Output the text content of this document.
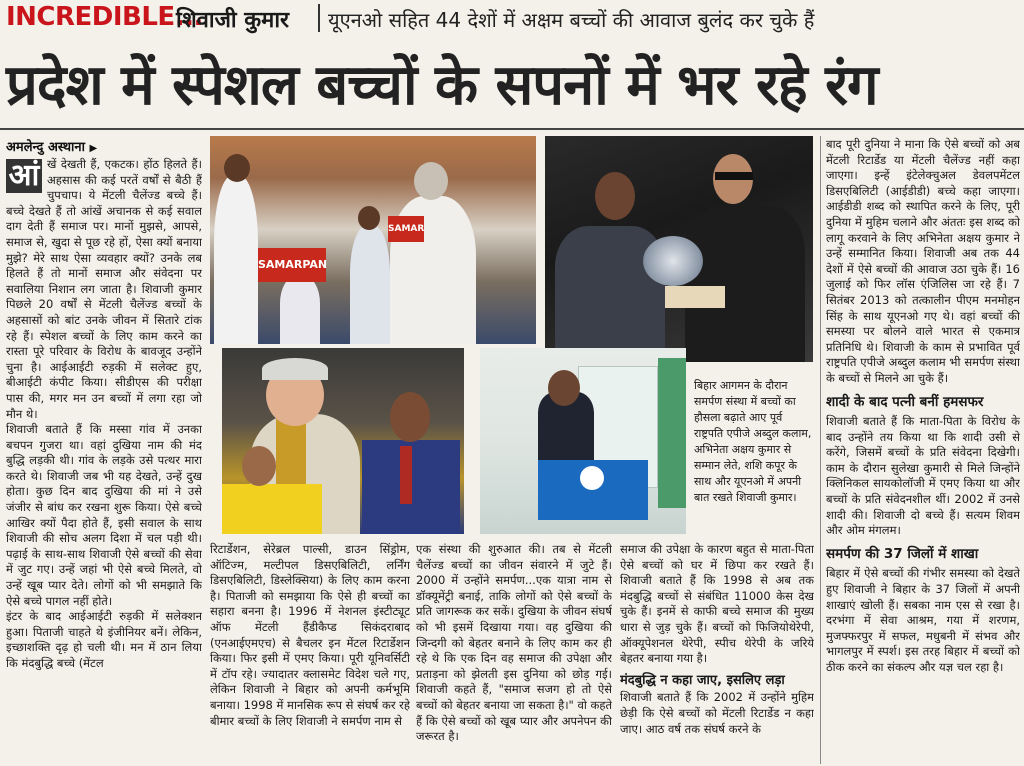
INCREDIBLE...
शिवाजी कुमार यूएनओ सहित 44 देशों में अक्षम बच्चों की आवाज बुलंद कर चुके हैं
प्रदेश में स्पेशल बच्चों के सपनों में भर रहे रंग
अमलेन्दु अस्थाना ▶

आं खें देखती हैं, एकटक। होंठ हिलते हैं। अहसास की कई परतें वर्षों से बैठी हैं चुपचाप। ये मेंटली चैलेंज्ड बच्चे हैं। बच्चे देखते हैं तो आंखें अचानक से कई सवाल दाग देती हैं समाज पर। मानों मुझसे, आपसे, समाज से, खुदा से पूछ रहे हों, ऐसा क्यों बनाया मुझे? मेरे साथ ऐसा व्यवहार क्यों? उनके लब हिलते हैं तो मानों समाज और संवेदना पर सवालिया निशान लग जाता है। शिवाजी कुमार पिछले 20 वर्षों से मेंटली चैलेंज्ड बच्चों के अहसासों को बांट उनके जीवन में सितारे टांक रहे हैं। स्पेशल बच्चों के लिए काम करने का रास्ता पूरे परिवार के विरोध के बावजूद उन्होंने चुना है। आईआईटी रुड़की में सलेक्ट हुए, बीआईटी कंपीट किया। सीडीएस की परीक्षा पास की, मगर मन उन बच्चों में लगा रहा जो मौन थे।

शिवाजी बताते हैं कि मस्सा गांव में उनका बचपन गुजरा था। वहां दुखिया नाम की मंद बुद्धि लड़की थी। गांव के लड़के उसे पत्थर मारा करते थे। शिवाजी जब भी यह देखते, उन्हें दुख होता। कुछ दिन बाद दुखिया की मां ने उसे जंजीर से बांध कर रखना शुरू किया। ऐसे बच्चे आखिर क्यों पैदा होते हैं, इसी सवाल के साथ शिवाजी की सोच अलग दिशा में चल पड़ी थी। पढ़ाई के साथ-साथ शिवाजी ऐसे बच्चों की सेवा में जुट गए। उन्हें जहां भी ऐसे बच्चे मिलते, वो उन्हें खूब प्यार देते। लोगों को भी समझाते कि ऐसे बच्चे पागल नहीं होते।

इंटर के बाद आईआईटी रुड़की में सलेक्शन हुआ। पिताजी चाहते थे इंजीनियर बनें। लेकिन, इच्छाशक्ति दृढ़ हो चली थी। मन में ठान लिया कि मंदबुद्धि बच्चे (मेंटल

SAMARPAN
SAMAR
बिहार आगमन के दौरान समर्पण संस्था में बच्चों का हौसला बढ़ाते आए पूर्व राष्ट्रपति एपीजे अब्दुल कलाम, अभिनेता अक्षय कुमार से सम्मान लेते, शशि कपूर के साथ और यूएनओ में अपनी बात रखते शिवाजी कुमार।

रिटार्डेशन, सेरेब्रल पाल्सी, डाउन सिंड्रोम, ऑटिज्म, मल्टीपल डिसएबिलिटी, लर्निंग डिसएबिलिटी, डिस्लेक्सिया) के लिए काम करना है। पिताजी को समझाया कि ऐसे ही बच्चों का सहारा बनना है। 1996 में नेशनल इंस्टीट्यूट ऑफ मेंटली हैंडीकैप्ड सिकंदराबाद (एनआईएमएच) से बैचलर इन मेंटल रिटार्डेशन किया। फिर इसी में एमए किया। पूरी यूनिवर्सिटी में टॉप रहे। ज्यादातर क्लासमेट विदेश चले गए, लेकिन शिवाजी ने बिहार को अपनी कर्मभूमि बनाया। 1998 में मानसिक रूप से संघर्ष कर रहे बीमार बच्चों के लिए शिवाजी ने समर्पण नाम से

एक संस्था की शुरुआत की। तब से मेंटली चैलेंज्ड बच्चों का जीवन संवारने में जुटे हैं। 2000 में उन्होंने समर्पण...एक यात्रा नाम से डॉक्यूमेंट्री बनाई, ताकि लोगों को ऐसे बच्चों के प्रति जागरूक कर सकें। दुखिया के जीवन संघर्ष को भी इसमें दिखाया गया। वह दुखिया की जिन्दगी को बेहतर बनाने के लिए काम कर ही रहे थे कि एक दिन वह समाज की उपेक्षा और प्रताड़ना को झेलती इस दुनिया को छोड़ गई। शिवाजी कहते हैं, "समाज सजग हो तो ऐसे बच्चों को बेहतर बनाया जा सकता है।" वो कहते हैं कि ऐसे बच्चों को खूब प्यार और अपनेपन की जरूरत है।

समाज की उपेक्षा के कारण बहुत से माता-पिता ऐसे बच्चों को घर में छिपा कर रखते हैं। शिवाजी बताते हैं कि 1998 से अब तक मंदबुद्धि बच्चों से संबंधित 11000 केस देख चुके हैं। इनमें से काफी बच्चे समाज की मुख्य धारा से जुड़ चुके हैं। बच्चों को फिजियोथेरेपी, ऑक्यूपेशनल थेरेपी, स्पीच थेरेपी के जरिये बेहतर बनाया गया है।

मंदबुद्धि न कहा जाए, इसलिए लड़ा

शिवाजी बताते हैं कि 2002 में उन्होंने मुहिम छेड़ी कि ऐसे बच्चों को मेंटली रिटार्डेड न कहा जाए। आठ वर्ष तक संघर्ष करने के

बाद पूरी दुनिया ने माना कि ऐसे बच्चों को अब मेंटली रिटार्डेड या मेंटली चैलेंज्ड नहीं कहा जाएगा। इन्हें इंटेलेक्चुअल डेवलपमेंटल डिसएबिलिटी (आईडीडी) बच्चे कहा जाएगा। आईडीडी शब्द को स्थापित करने के लिए, पूरी दुनिया में मुहिम चलाने और अंततः इस शब्द को लागू करवाने के लिए अभिनेता अक्षय कुमार ने उन्हें सम्मानित किया। शिवाजी अब तक 44 देशों में ऐसे बच्चों की आवाज उठा चुके हैं। 16 जुलाई को फिर लॉस एंजिलिस जा रहे हैं। 7 सितंबर 2013 को तत्कालीन पीएम मनमोहन सिंह के साथ यूएनओ गए थे। वहां बच्चों की समस्या पर बोलने वाले भारत से एकमात्र प्रतिनिधि थे। शिवाजी के काम से प्रभावित पूर्व राष्ट्रपति एपीजे अब्दुल कलाम भी समर्पण संस्था के बच्चों से मिलने आ चुके हैं।

शादी के बाद पत्नी बनीं हमसफर

शिवाजी बताते हैं कि माता-पिता के विरोध के बाद उन्होंने तय किया था कि शादी उसी से करेंगे, जिसमें बच्चों के प्रति संवेदना दिखेगी। काम के दौरान सुलेखा कुमारी से मिले जिन्होंने क्लिनिकल सायकोलॉजी में एमए किया था और बच्चों के प्रति संवेदनशील थीं। 2002 में उनसे शादी की। शिवाजी दो बच्चे हैं। सत्यम शिवम और ओम मंगलम।

समर्पण की 37 जिलों में शाखा

बिहार में ऐसे बच्चों की गंभीर समस्या को देखते हुए शिवाजी ने बिहार के 37 जिलों में अपनी शाखाएं खोली हैं। सबका नाम एस से रखा है। दरभंगा में सेवा आश्रम, गया में शरणम, मुजफ्फरपुर में सफल, मधुबनी में संभव और भागलपुर में स्पर्श। इस तरह बिहार में बच्चों को ठीक करने का संकल्प और यज्ञ चल रहा है।
